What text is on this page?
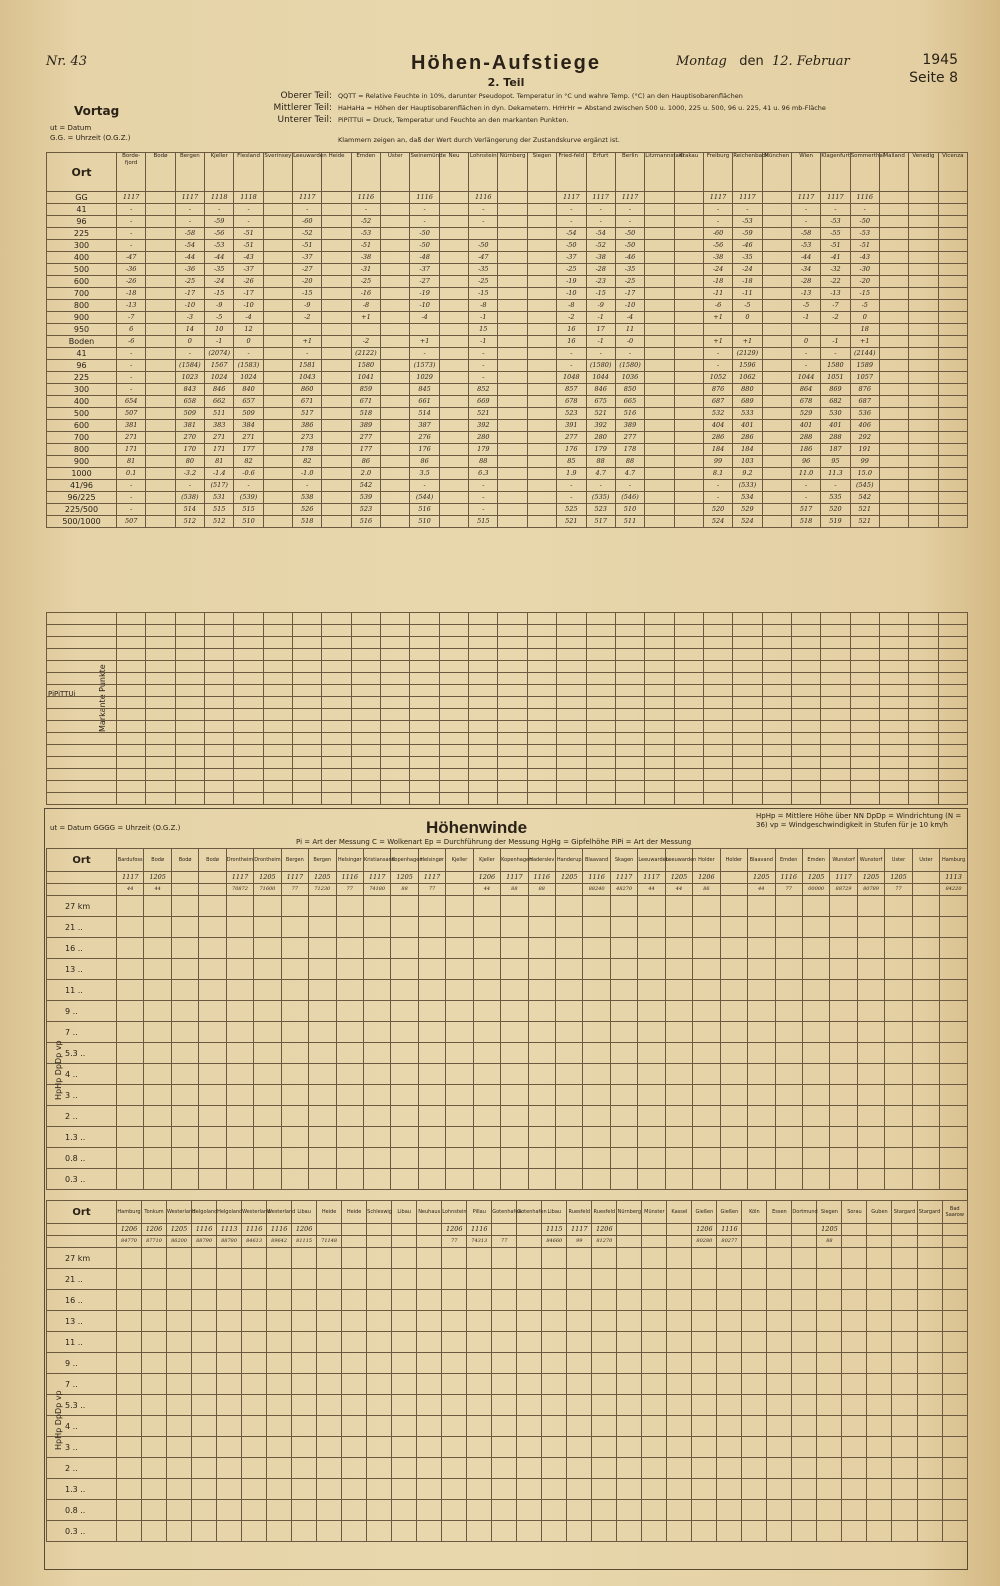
Nr. 43	Höhen-Aufstiege
2. Teil
Montag den 12. Februar	1945
Seite 8
Vortag
ut = Datum
G.G. = Uhrzeit (O.G.Z.)
Oberer Teil: QQTT = Relative Feuchte in 10%, darunter Pseudopot. Temperatur in °C und wahre Temp. (°C) an den Hauptisobarenflächen
Mittlerer Teil: HaHaHa = Höhen der Hauptisobarenflächen in dyn. Dekametern. HrHrHr = Abstand zwischen 500 u. 1000, 225 u. 500, 96 u. 225, 41 u. 96 mb-Fläche
Unterer Teil: PiPiTTUi = Druck, Temperatur und Feuchte an den markanten Punkten.
Klammern zeigen an, daß der Wert durch Verlängerung der Zustandskurve ergänzt ist.
Ort	Borde-fjord	Bodø	Bergen	Kjeller	Flesland	Sverinsey	Leeuwarden	Heide	Emden	Uster	Swinemünde	Neu	Lohnstein	Nürnberg	Siegen	Fried-feld	Erfurt	Berlin	Litzmannstadt	Krakau	Freiburg	Reichenbach	München	Wien	Klagenfurt	Sommerthal	Mailand	Venedig	Vicenza
GG	1117		1117	1118	1118		1117		1116		1116		1116			1117	1117	1117			1117	1117		1117	1117	1116			
41	-		-	-	-		-		-		-		-			-	-	-			-	-		-	-	-			
96	-		-	-59	-		-60		-52		-		-			-	-	-			-	-53		-	-53	-50			
225	-		-58	-56	-51		-52		-53		-50					-54	-54	-50			-60	-59		-58	-55	-53			
300	-		-54	-53	-51		-51		-51		-50		-50			-50	-52	-50			-56	-46		-53	-51	-51			
400	-47		-44	-44	-43		-37		-38		-48		-47			-37	-38	-46			-38	-35		-44	-41	-43			
500	-36		-36	-35	-37		-27		-31		-37		-35			-25	-28	-35			-24	-24		-34	-32	-30			
600	-26		-25	-24	-26		-20		-25		-27		-25			-19	-23	-25			-18	-18		-28	-22	-20			
700	-18		-17	-15	-17		-15		-16		-19		-15			-10	-15	-17			-11	-11		-13	-13	-15			
800	-13		-10	-9	-10		-9		-8		-10		-8			-8	-9	-10			-6	-5		-5	-7	-5			
900	-7		-3	-5	-4		-2		+1		-4		-1			-2	-1	-4			+1	0		-1	-2	0			
950	6		14	10	12								15			16	17	11								18			
Boden	-6		0	-1	0		+1		-2		+1		-1			16	-1	-0			+1	+1		0	-1	+1			
41	-		-	(2074)	-		-		(2122)		-		-			-	-	-			-	(2129)		-	-	(2144)			
96	-		(1584)	1567	(1583)		1581		1580		(1573)		-			-	(1580)	(1580)			-	1596		-	1580	1589			
225	-		1023	1024	1024		1043		1041		1029		-			1048	1044	1036			1052	1062		1044	1051	1057			
300	-		843	846	840		860		859		845		852			857	846	850			876	880		864	869	876			
400	654		658	662	657		671		671		661		669			678	675	665			687	689		678	682	687			
500	507		509	511	509		517		518		514		521			523	521	516			532	533		529	530	536			
600	381		381	383	384		386		389		387		392			391	392	389			404	401		401	401	406			
700	271		270	271	271		273		277		276		280			277	280	277			286	286		288	288	292			
800	171		170	171	177		178		177		176		179			176	179	178			184	184		186	187	191			
900	81		80	81	82		82		86		86		88			85	88	88			99	103		96	95	99			
1000	0.1		-3.2	-1.4	-0.6		-1.0		2.0		3.5		6.3			1.9	4.7	4.7			8.1	9.2		11.0	11.3	15.0			
41/96	-		-	(517)	-		-		542		-		-			-	-	-			-	(533)		-	-	(545)			
96/225	-		(538)	531	(539)		538		539		(544)		-			-	(535)	(546)			-	534		-	535	542			
225/500	-		514	515	515		526		523		516		-			525	523	510			520	529		517	520	521			
500/1000	507		512	512	510		518		516		510		515			521	517	511			524	524		518	519	521			
Markante Punkte
PiPiTTUi

Höhenwinde
ut = Datum GGGG = Uhrzeit (O.G.Z.)
Pi = Art der Messung C = Wolkenart Ep = Durchführung der Messung HgHg = Gipfelhöhe PiPi = Art der Messung
HpHp = Mittlere Höhe über NN DpDp = Windrichtung (N = 36) vp = Windgeschwindigkeit in Stufen für je 10 km/h
Ort	Bardufoss	Bodø	Bodø	Bodø	Drontheim	Drontheim	Bergen	Bergen	Helsingør	Kristiansand	Kopenhagen	Helsingør	Kjeller	Kjeller	Kopenhagen	Haderslev	Handerup	Blaavand	Skagen	Leeuwarden	Leeuwarden	Holder	Holder	Blaavand	Emden	Emden	Wunstorf	Wunstorf	Uster	Uster	Hamburg
	1117	1205			1117	1205	1117	1205	1116	1117	1205	1117		1206	1117	1116	1205	1116	1117	1117	1205	1206		1205	1116	1205	1117	1205	1205		1113
	44	44			70872	71600	77	71230	77	74180	88	77		44	88	88		88240	48270	44	44	86		44	77	00000	88729	80789	77		84220
27 km																															
21 ..																															
16 ..																															
13 ..																															
11 ..																															
9 ..																															
7 ..																															
5.3 ..																															
4 ..																															
3 ..																															
2 ..																															
1.3 ..																															
0.8 ..																															
0.3 ..																															
Ort	Hamburg	Tonkum	Westerland	Helgoland	Helgoland	Westerland	Westerland	Libau	Heide	Heide	Schleswig	Libau	Neuhaus	Lohnstein	Pillau	Gotenhafen	Gotenhafen	Libau	Ruesfeld	Ruesfeld	Nürnberg	Münster	Kassel	Gießen	Gießen	Köln	Essen	Dortmund	Siegen	Sorau	Guben	Stargard	Stargard	Bad Saarow
	1206	1206	1205	1116	1113	1116	1116	1206						1206	1116			1115	1117	1206				1206	1116				1205					
	84770	87710	86200	88790	88780	84613	89642	81115	71148					77	74313	77		84660	99	81270				80280	80277				88					
27 km																																		
21 ..																																		
16 ..																																		
13 ..																																		
11 ..																																		
9 ..																																		
7 ..																																		
5.3 ..																																		
4 ..																																		
3 ..																																		
2 ..																																		
1.3 ..																																		
0.8 ..																																		
0.3 ..																																		
HpHp DpDp vp
HpHp DpDp vp
